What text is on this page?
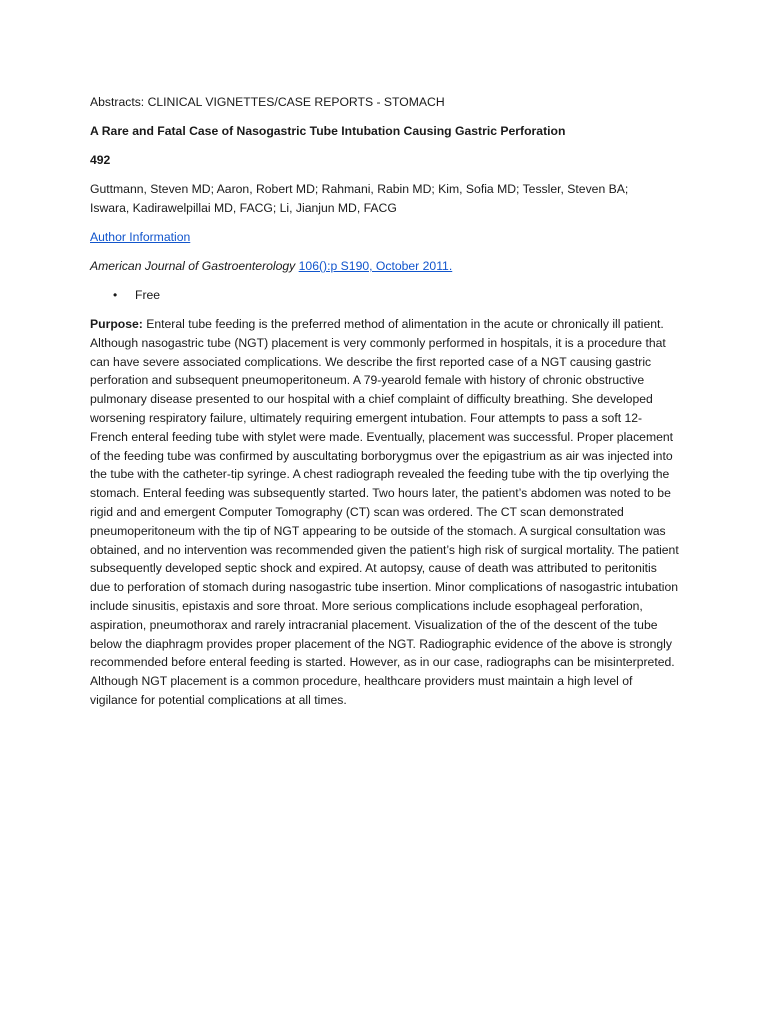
Abstracts: CLINICAL VIGNETTES/CASE REPORTS - STOMACH

A Rare and Fatal Case of Nasogastric Tube Intubation Causing Gastric Perforation

492

Guttmann, Steven MD; Aaron, Robert MD; Rahmani, Rabin MD; Kim, Sofia MD; Tessler, Steven BA; Iswara, Kadirawelpillai MD, FACG; Li, Jianjun MD, FACG

Author Information

American Journal of Gastroenterology 106():p S190, October 2011.

• Free

Purpose: Enteral tube feeding is the preferred method of alimentation in the acute or chronically ill patient. Although nasogastric tube (NGT) placement is very commonly performed in hospitals, it is a procedure that can have severe associated complications. We describe the first reported case of a NGT causing gastric perforation and subsequent pneumoperitoneum. A 79-yearold female with history of chronic obstructive pulmonary disease presented to our hospital with a chief complaint of difficulty breathing. She developed worsening respiratory failure, ultimately requiring emergent intubation. Four attempts to pass a soft 12-French enteral feeding tube with stylet were made. Eventually, placement was successful. Proper placement of the feeding tube was confirmed by auscultating borborygmus over the epigastrium as air was injected into the tube with the catheter-tip syringe. A chest radiograph revealed the feeding tube with the tip overlying the stomach. Enteral feeding was subsequently started. Two hours later, the patient’s abdomen was noted to be rigid and and emergent Computer Tomography (CT) scan was ordered. The CT scan demonstrated pneumoperitoneum with the tip of NGT appearing to be outside of the stomach. A surgical consultation was obtained, and no intervention was recommended given the patient’s high risk of surgical mortality. The patient subsequently developed septic shock and expired. At autopsy, cause of death was attributed to peritonitis due to perforation of stomach during nasogastric tube insertion. Minor complications of nasogastric intubation include sinusitis, epistaxis and sore throat. More serious complications include esophageal perforation, aspiration, pneumothorax and rarely intracranial placement. Visualization of the of the descent of the tube below the diaphragm provides proper placement of the NGT. Radiographic evidence of the above is strongly recommended before enteral feeding is started. However, as in our case, radiographs can be misinterpreted. Although NGT placement is a common procedure, healthcare providers must maintain a high level of vigilance for potential complications at all times.
